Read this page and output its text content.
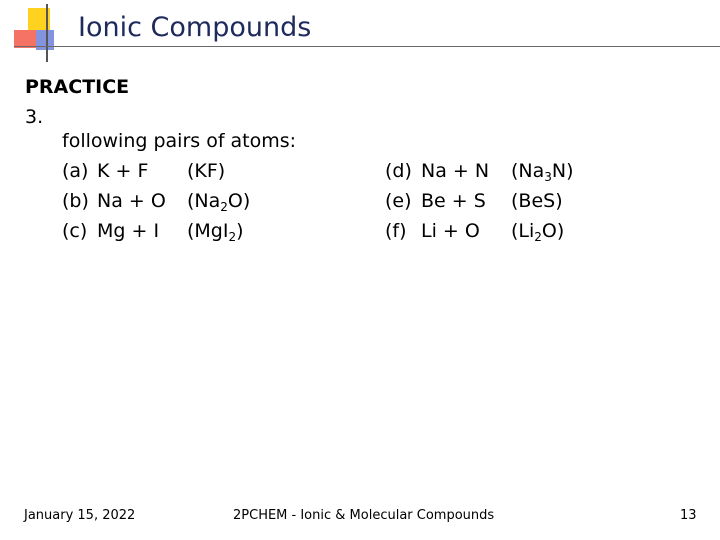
Ionic Compounds
PRACTICE
3.
following pairs of atoms:
(a) K + F (KF)
(b) Na + O $(Na_2O)$
(c) Mg + I (MgI$_2$)
(d) Na + N $(Na_3N)$
(e) Be + S (BeS)
(f) Li + O $(Li_2O)$
January 15, 2022	2PCHEM - Ionic & Molecular Compounds	13
